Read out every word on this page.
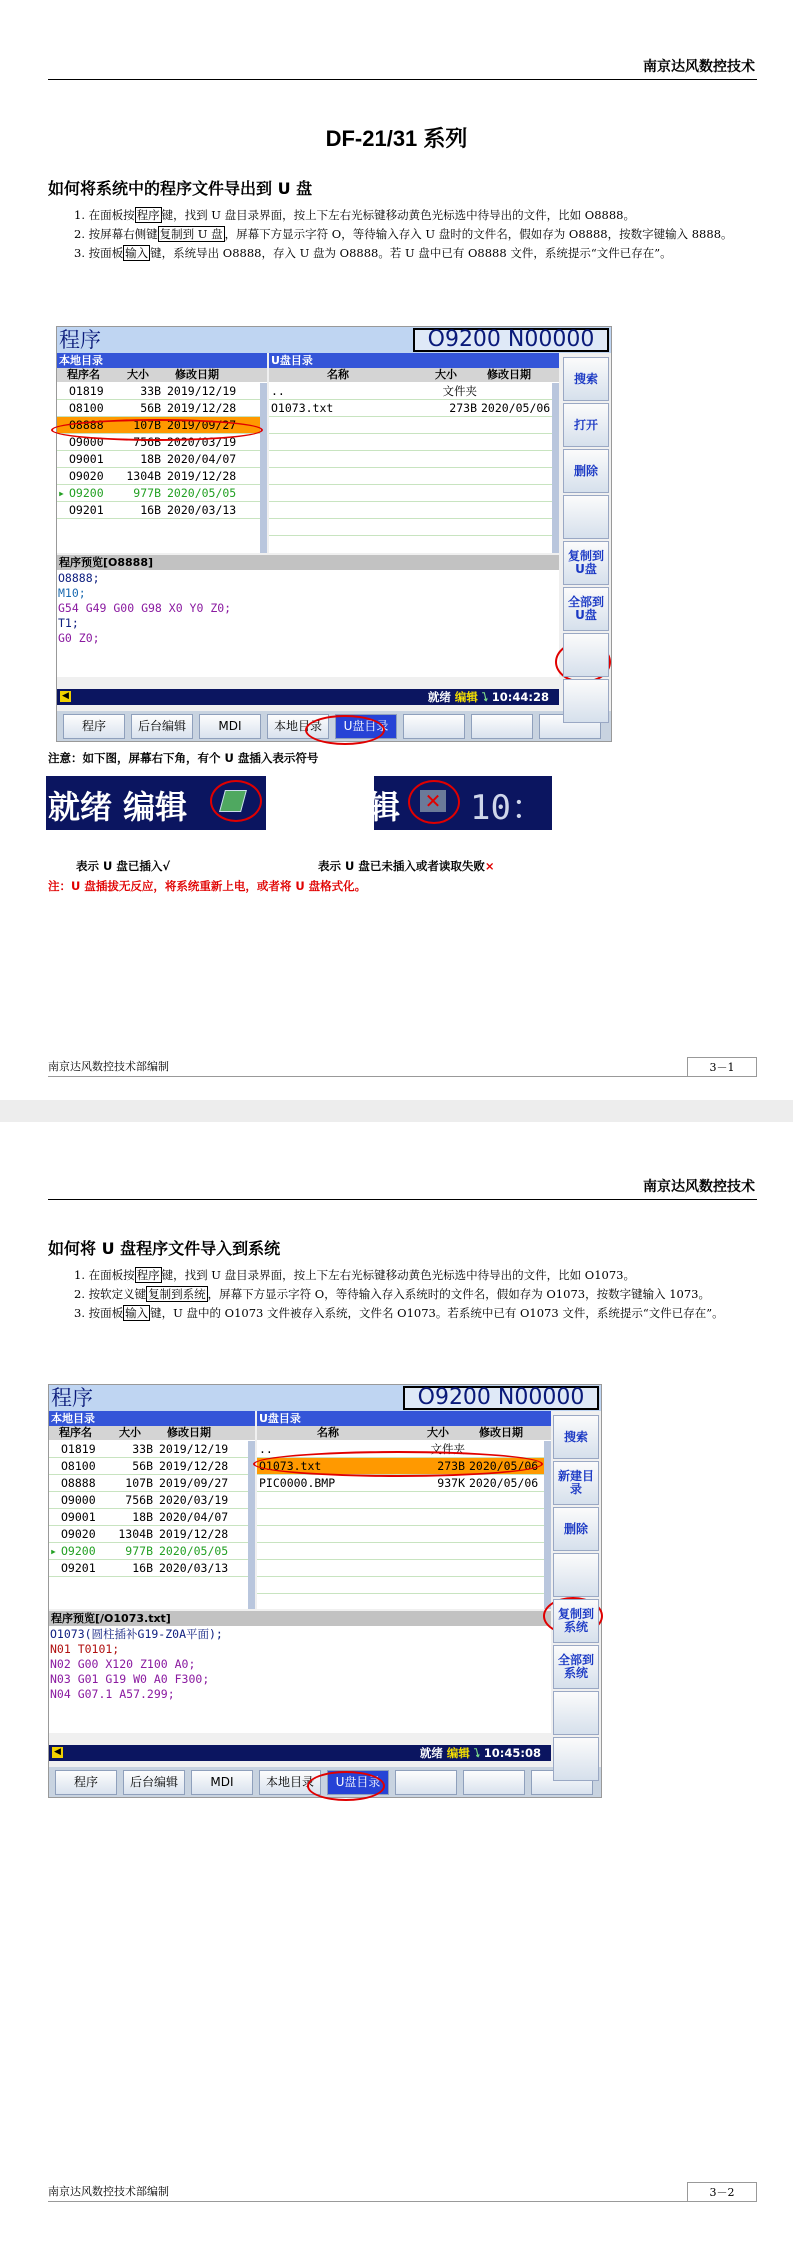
南京达风数控技术
DF-21/31 系列
如何将系统中的程序文件导出到 U 盘
1. 在面板按 程序 键，找到 U 盘目录界面，按上下左右光标键移动黄色光标选中待导出的文件，比如 O8888。
2. 按屏幕右侧键 复制到 U 盘 ，屏幕下方显示字符 O，等待输入存入 U 盘时的文件名，假如存为 O8888，按数字键输入 8888。
3. 按面板 输入 键，系统导出 O8888，存入 U 盘为 O8888。若 U 盘中已有 O8888 文件，系统提示“文件已存在”。
程序	O9200 N00000
本地目录
程序名 大小 修改日期
O1819	33B 2019/12/19
O8100	56B 2019/12/28
O8888	107B 2019/09/27
O9000	756B 2020/03/19
O9001	18B 2020/04/07
O9020	1304B 2019/12/28
▸ O9200	977B 2020/05/05
O9201	16B 2020/03/13
U盘目录
名称	大小	修改日期
..	文件夹
O1073.txt	273B 2020/05/06
程序预览[O8888]
O8888;
M10;
G54 G49 G00 G98 X0 Y0 Z0;
T1;
G0 Z0;
◀	就绪 编辑 ⭝ 10:44:28
程序	后台编辑	MDI	本地目录	U盘目录
搜索
打开
删除
复制到U盘
全部到U盘
注意：如下图，屏幕右下角，有个 U 盘插入表示符号
就绪 编辑	辑 ✕ 10：
表示 U 盘已插入√	表示 U 盘已未插入或者读取失败×
注：U 盘插拔无反应，将系统重新上电，或者将 U 盘格式化。
南京达风数控技术部编制	3－1
南京达风数控技术
如何将 U 盘程序文件导入到系统
1. 在面板按 程序 键，找到 U 盘目录界面，按上下左右光标键移动黄色光标选中待导出的文件，比如 O1073。
2. 按软定义键 复制到系统 ，屏幕下方显示字符 O，等待输入存入系统时的文件名，假如存为 O1073，按数字键输入 1073。
3. 按面板 输入 键，U 盘中的 O1073 文件被存入系统，文件名 O1073。若系统中已有 O1073 文件，系统提示“文件已存在”。
程序	O9200 N00000
本地目录
程序名 大小 修改日期
O1819	33B 2019/12/19
O8100	56B 2019/12/28
O8888	107B 2019/09/27
O9000	756B 2020/03/19
O9001	18B 2020/04/07
O9020	1304B 2019/12/28
▸ O9200	977B 2020/05/05
O9201	16B 2020/03/13
U盘目录
名称	大小	修改日期
..	文件夹
O1073.txt	273B 2020/05/06
PIC0000.BMP	937K 2020/05/06
程序预览[/O1073.txt]
O1073(圆柱插补G19-Z0A平面);
N01 T0101;
N02 G00 X120 Z100 A0;
N03 G01 G19 W0 A0 F300;
N04 G07.1 A57.299;
◀	就绪 编辑 ⭝ 10:45:08
程序	后台编辑	MDI	本地目录	U盘目录
搜索
新建目录
删除
复制到系统
全部到系统
南京达风数控技术部编制	3－2
